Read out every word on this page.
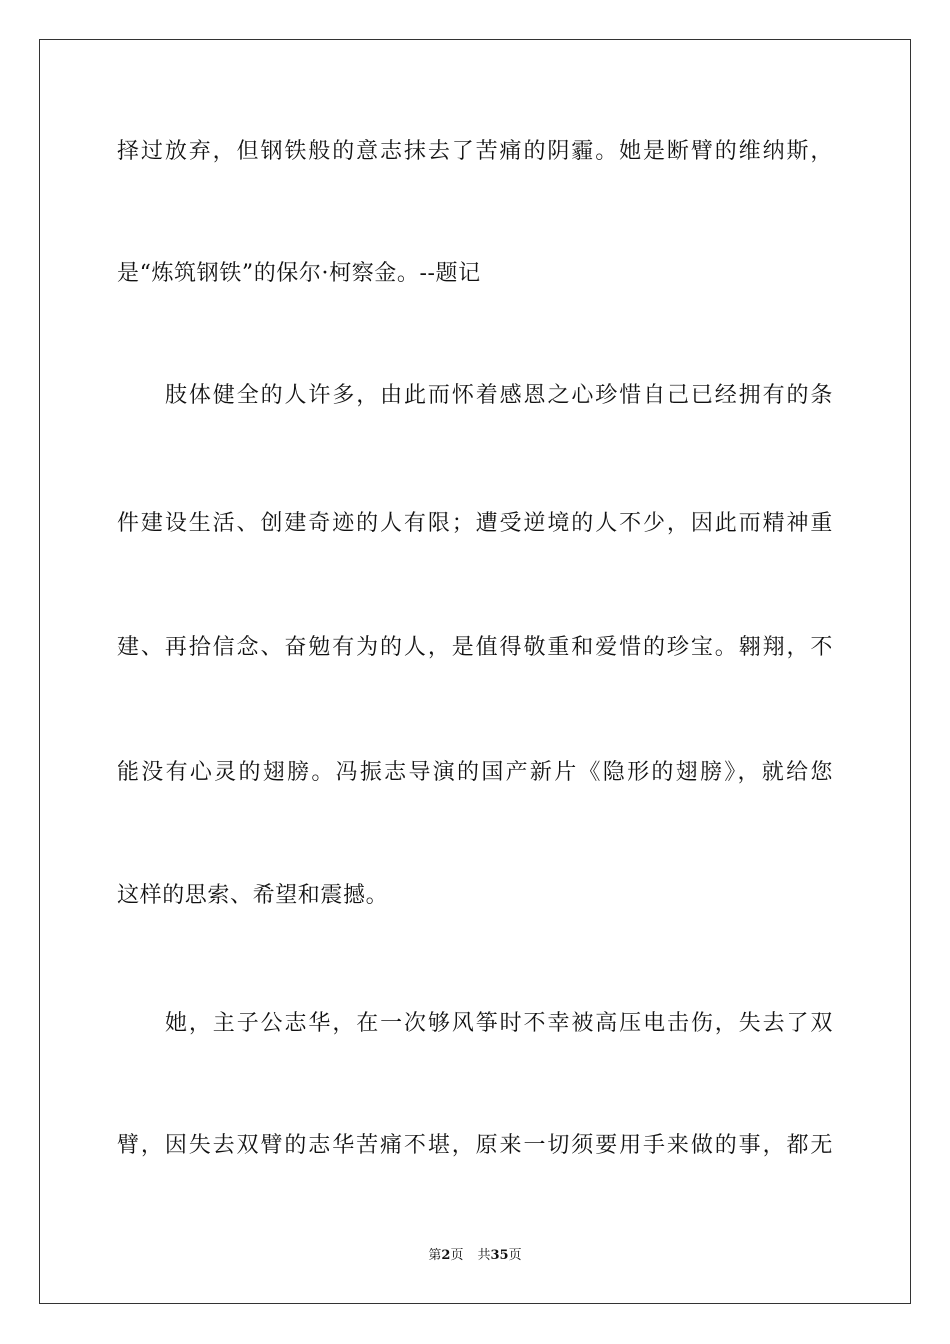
择过放弃，但钢铁般的意志抹去了苦痛的阴霾。她是断臂的维纳斯，
是“炼筑钢铁”的保尔·柯察金。--题记
肢体健全的人许多，由此而怀着感恩之心珍惜自己已经拥有的条
件建设生活、创建奇迹的人有限；遭受逆境的人不少，因此而精神重
建、再拾信念、奋勉有为的人，是值得敬重和爱惜的珍宝。翱翔，不
能没有心灵的翅膀。冯振志导演的国产新片《隐形的翅膀》，就给您
这样的思索、希望和震撼。
她，主子公志华，在一次够风筝时不幸被高压电击伤，失去了双
臂，因失去双臂的志华苦痛不堪，原来一切须要用手来做的事，都无
第2页 共35页
